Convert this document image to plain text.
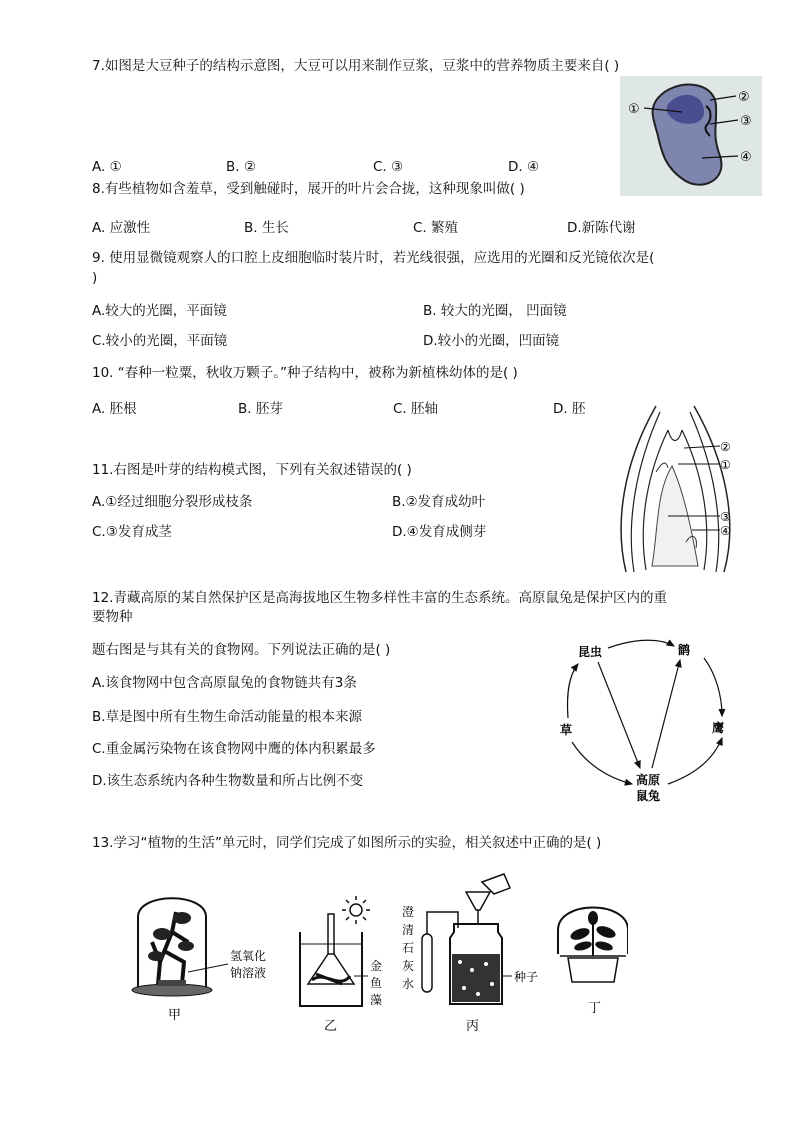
7.如图是大豆种子的结构示意图，大豆可以用来制作豆浆，豆浆中的营养物质主要来自( )
A. ①	B. ②	C. ③	D. ④
①
②
③
④
8.有些植物如含羞草，受到触碰时，展开的叶片会合拢，这种现象叫做( )
A. 应激性	B. 生长	C. 繁殖	D.新陈代谢
9. 使用显微镜观察人的口腔上皮细胞临时装片时，若光线很强，应选用的光圈和反光镜依次是(
)
A.较大的光圈，平面镜	B. 较大的光圈， 凹面镜
C.较小的光圈，平面镜	D.较小的光圈，凹面镜
10. “春种一粒粟，秋收万颗子。”种子结构中，被称为新植株幼体的是( )
A. 胚根	B. 胚芽	C. 胚轴	D. 胚
②
①
③
④
11.右图是叶芽的结构模式图，下列有关叙述错误的( )
A.①经过细胞分裂形成枝条	B.②发育成幼叶
C.③发育成茎	D.④发育成侧芽
12.青藏高原的某自然保护区是高海拔地区生物多样性丰富的生态系统。高原鼠兔是保护区内的重
要物种
题右图是与其有关的食物网。下列说法正确的是( )
A.该食物网中包含高原鼠兔的食物链共有3条
B.草是图中所有生物生命活动能量的根本来源
C.重金属污染物在该食物网中鹰的体内积累最多
D.该生态系统内各种生物数量和所占比例不变
昆虫	鹠
草	鹰
高原
鼠兔
13.学习“植物的生活”单元时，同学们完成了如图所示的实验，相关叙述中正确的是( )
氢氧化
钠溶液
甲
金
鱼
藻
乙
澄
清
石
灰
水	种子
丙
丁
